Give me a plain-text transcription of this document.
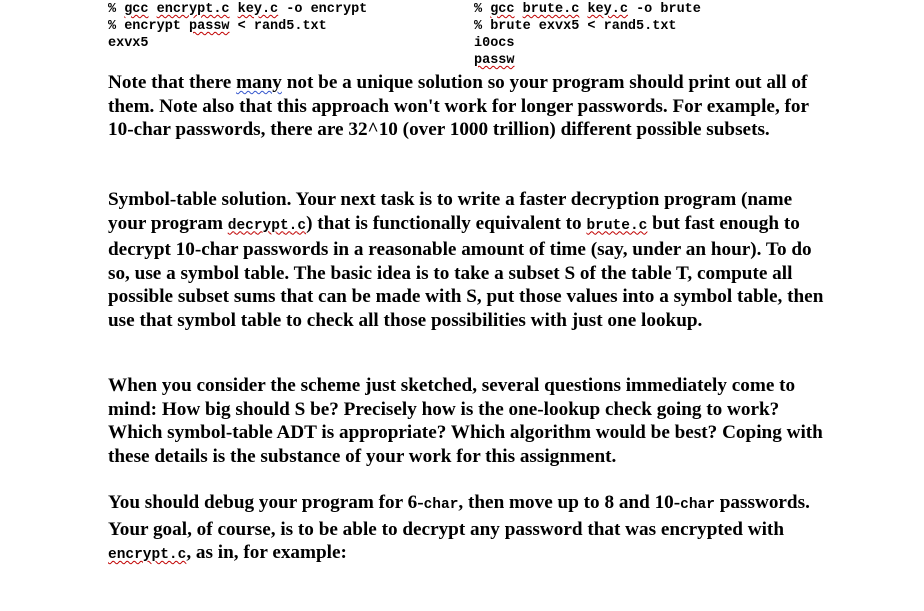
% gcc encrypt.c key.c -o encrypt
% encrypt passw < rand5.txt
exvx5
% gcc brute.c key.c -o brute
% brute exvx5 < rand5.txt
i0ocs
passw
Note that there many not be a unique solution so your program should print out all of them. Note also that this approach won't work for longer passwords. For example, for 10-char passwords, there are 32^10 (over 1000 trillion) different possible subsets.
Symbol-table solution. Your next task is to write a faster decryption program (name your program decrypt.c) that is functionally equivalent to brute.c but fast enough to decrypt 10-char passwords in a reasonable amount of time (say, under an hour). To do so, use a symbol table. The basic idea is to take a subset S of the table T, compute all possible subset sums that can be made with S, put those values into a symbol table, then use that symbol table to check all those possibilities with just one lookup.
When you consider the scheme just sketched, several questions immediately come to mind: How big should S be? Precisely how is the one-lookup check going to work? Which symbol-table ADT is appropriate? Which algorithm would be best? Coping with these details is the substance of your work for this assignment.
You should debug your program for 6-char, then move up to 8 and 10-char passwords. Your goal, of course, is to be able to decrypt any password that was encrypted with encrypt.c, as in, for example:
